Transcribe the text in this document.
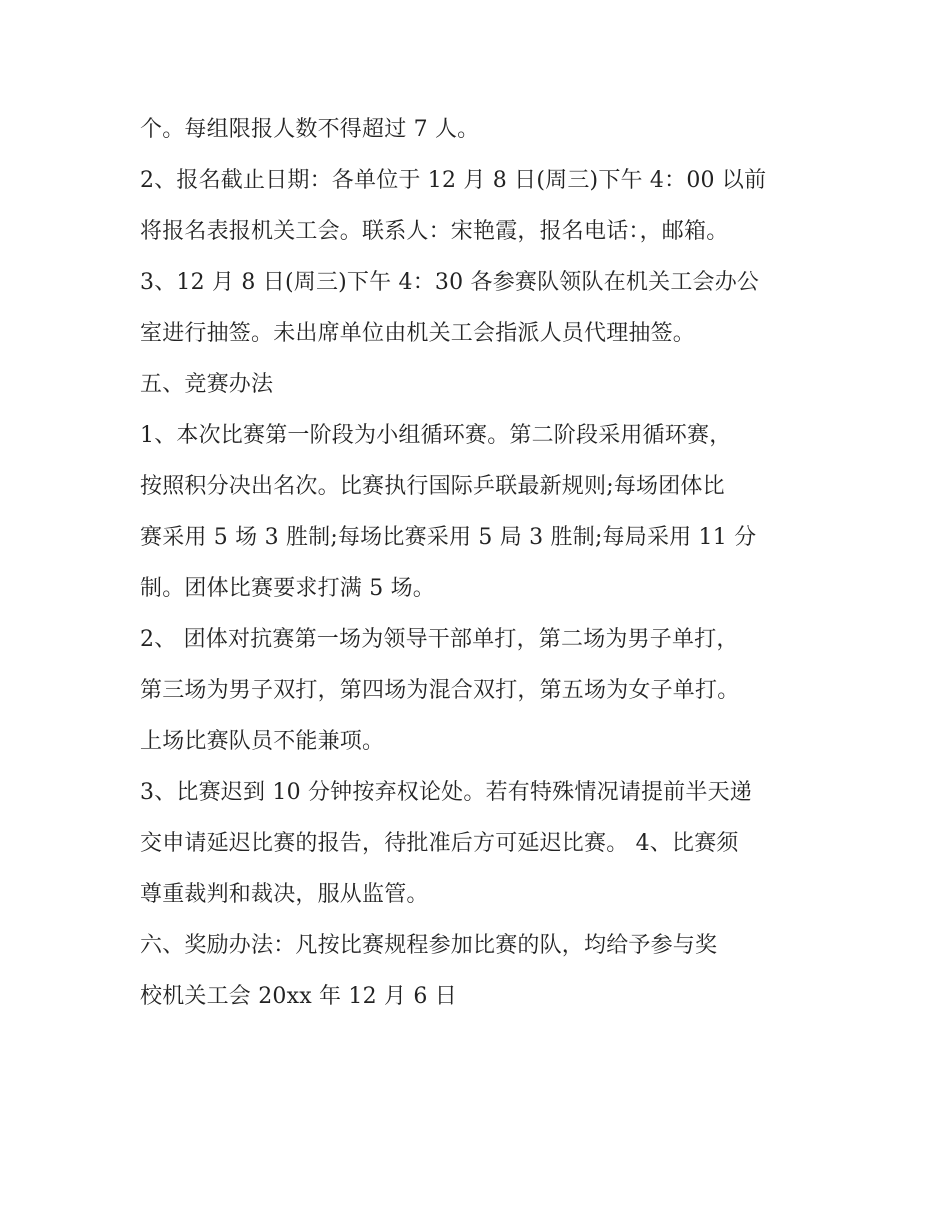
个。每组限报人数不得超过 7 人。
2、报名截止日期：各单位于 12 月 8 日(周三)下午 4：00 以前
将报名表报机关工会。联系人：宋艳霞，报名电话：，邮箱。
3、12 月 8 日(周三)下午 4：30 各参赛队领队在机关工会办公
室进行抽签。未出席单位由机关工会指派人员代理抽签。
五、竞赛办法
1、本次比赛第一阶段为小组循环赛。第二阶段采用循环赛，
按照积分决出名次。比赛执行国际乒联最新规则;每场团体比
赛采用 5 场 3 胜制;每场比赛采用 5 局 3 胜制;每局采用 11 分
制。团体比赛要求打满 5 场。
2、 团体对抗赛第一场为领导干部单打，第二场为男子单打，
第三场为男子双打，第四场为混合双打，第五场为女子单打。
上场比赛队员不能兼项。
3、比赛迟到 10 分钟按弃权论处。若有特殊情况请提前半天递
交申请延迟比赛的报告，待批准后方可延迟比赛。 4、比赛须
尊重裁判和裁决，服从监管。
六、奖励办法：凡按比赛规程参加比赛的队，均给予参与奖
校机关工会 20xx 年 12 月 6 日
